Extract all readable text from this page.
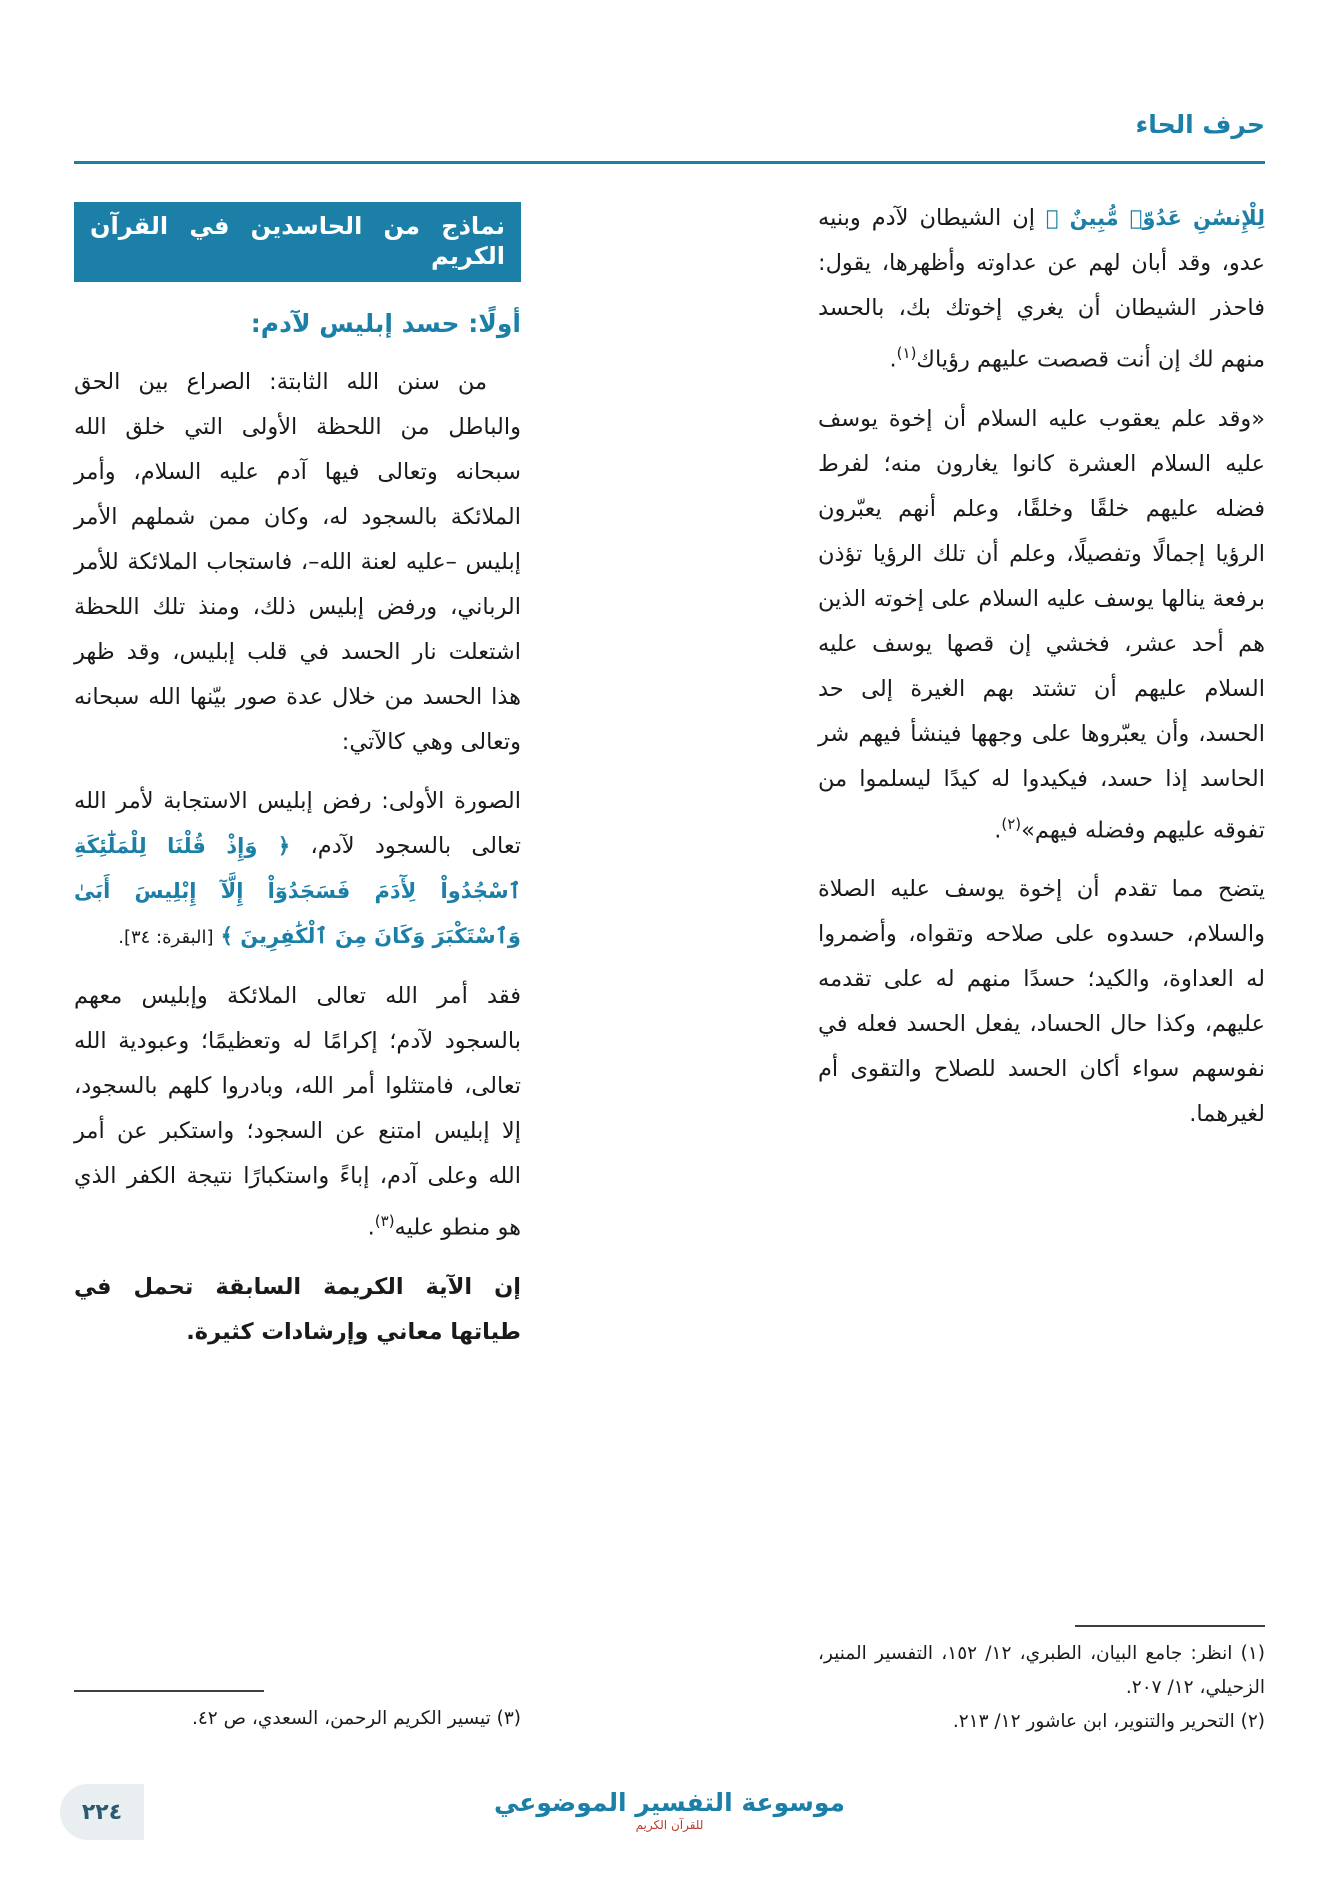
حرف الحاء

لِلْإِنسَٰنِ عَدُوّٞ مُّبِينٌ ﴾ إن الشيطان لآدم وبنيه عدو، وقد أبان لهم عن عداوته وأظهرها، يقول: فاحذر الشيطان أن يغري إخوتك بك، بالحسد منهم لك إن أنت قصصت عليهم رؤياك$^{(١)}$.

«وقد علم يعقوب عليه السلام أن إخوة يوسف عليه السلام العشرة كانوا يغارون منه؛ لفرط فضله عليهم خلقًا وخلقًا، وعلم أنهم يعبّرون الرؤيا إجمالًا وتفصيلًا، وعلم أن تلك الرؤيا تؤذن برفعة ينالها يوسف عليه السلام على إخوته الذين هم أحد عشر، فخشي إن قصها يوسف عليه السلام عليهم أن تشتد بهم الغيرة إلى حد الحسد، وأن يعبّروها على وجهها فينشأ فيهم شر الحاسد إذا حسد، فيكيدوا له كيدًا ليسلموا من تفوقه عليهم وفضله فيهم»$^{(٢)}$.

يتضح مما تقدم أن إخوة يوسف عليه الصلاة والسلام، حسدوه على صلاحه وتقواه، وأضمروا له العداوة، والكيد؛ حسدًا منهم له على تقدمه عليهم، وكذا حال الحساد، يفعل الحسد فعله في نفوسهم سواء أكان الحسد للصلاح والتقوى أم لغيرهما.

نماذج من الحاسدين في القرآن الكريم
أولًا: حسد إبليس لآدم:

من سنن الله الثابتة: الصراع بين الحق والباطل من اللحظة الأولى التي خلق الله سبحانه وتعالى فيها آدم عليه السلام، وأمر الملائكة بالسجود له، وكان ممن شملهم الأمر إبليس –عليه لعنة الله–، فاستجاب الملائكة للأمر الرباني، ورفض إبليس ذلك، ومنذ تلك اللحظة اشتعلت نار الحسد في قلب إبليس، وقد ظهر هذا الحسد من خلال عدة صور بيّنها الله سبحانه وتعالى وهي كالآتي:

الصورة الأولى: رفض إبليس الاستجابة لأمر الله تعالى بالسجود لآدم، ﴿ وَإِذْ قُلْنَا لِلْمَلَٰٓئِكَةِ ٱسْجُدُواْ لِأٓدَمَ فَسَجَدُوٓاْ إِلَّآ إِبْلِيسَ أَبَىٰ وَٱسْتَكْبَرَ وَكَانَ مِنَ ٱلْكَٰفِرِينَ ﴾ [البقرة: ٣٤].

فقد أمر الله تعالى الملائكة وإبليس معهم بالسجود لآدم؛ إكرامًا له وتعظيمًا؛ وعبودية الله تعالى، فامتثلوا أمر الله، وبادروا كلهم بالسجود، إلا إبليس امتنع عن السجود؛ واستكبر عن أمر الله وعلى آدم، إباءً واستكبارًا نتيجة الكفر الذي هو منطو عليه$^{(٣)}$.

إن الآية الكريمة السابقة تحمل في طياتها معاني وإرشادات كثيرة.

(١) انظر: جامع البيان، الطبري، ١٢/ ١٥٢، التفسير المنير، الزحيلي، ١٢/ ٢٠٧.
(٢) التحرير والتنوير، ابن عاشور ١٢/ ٢١٣.
(٣) تيسير الكريم الرحمن، السعدي، ص ٤٢.
موسوعة التفسير الموضوعي
للقرآن الكريم
٢٢٤
